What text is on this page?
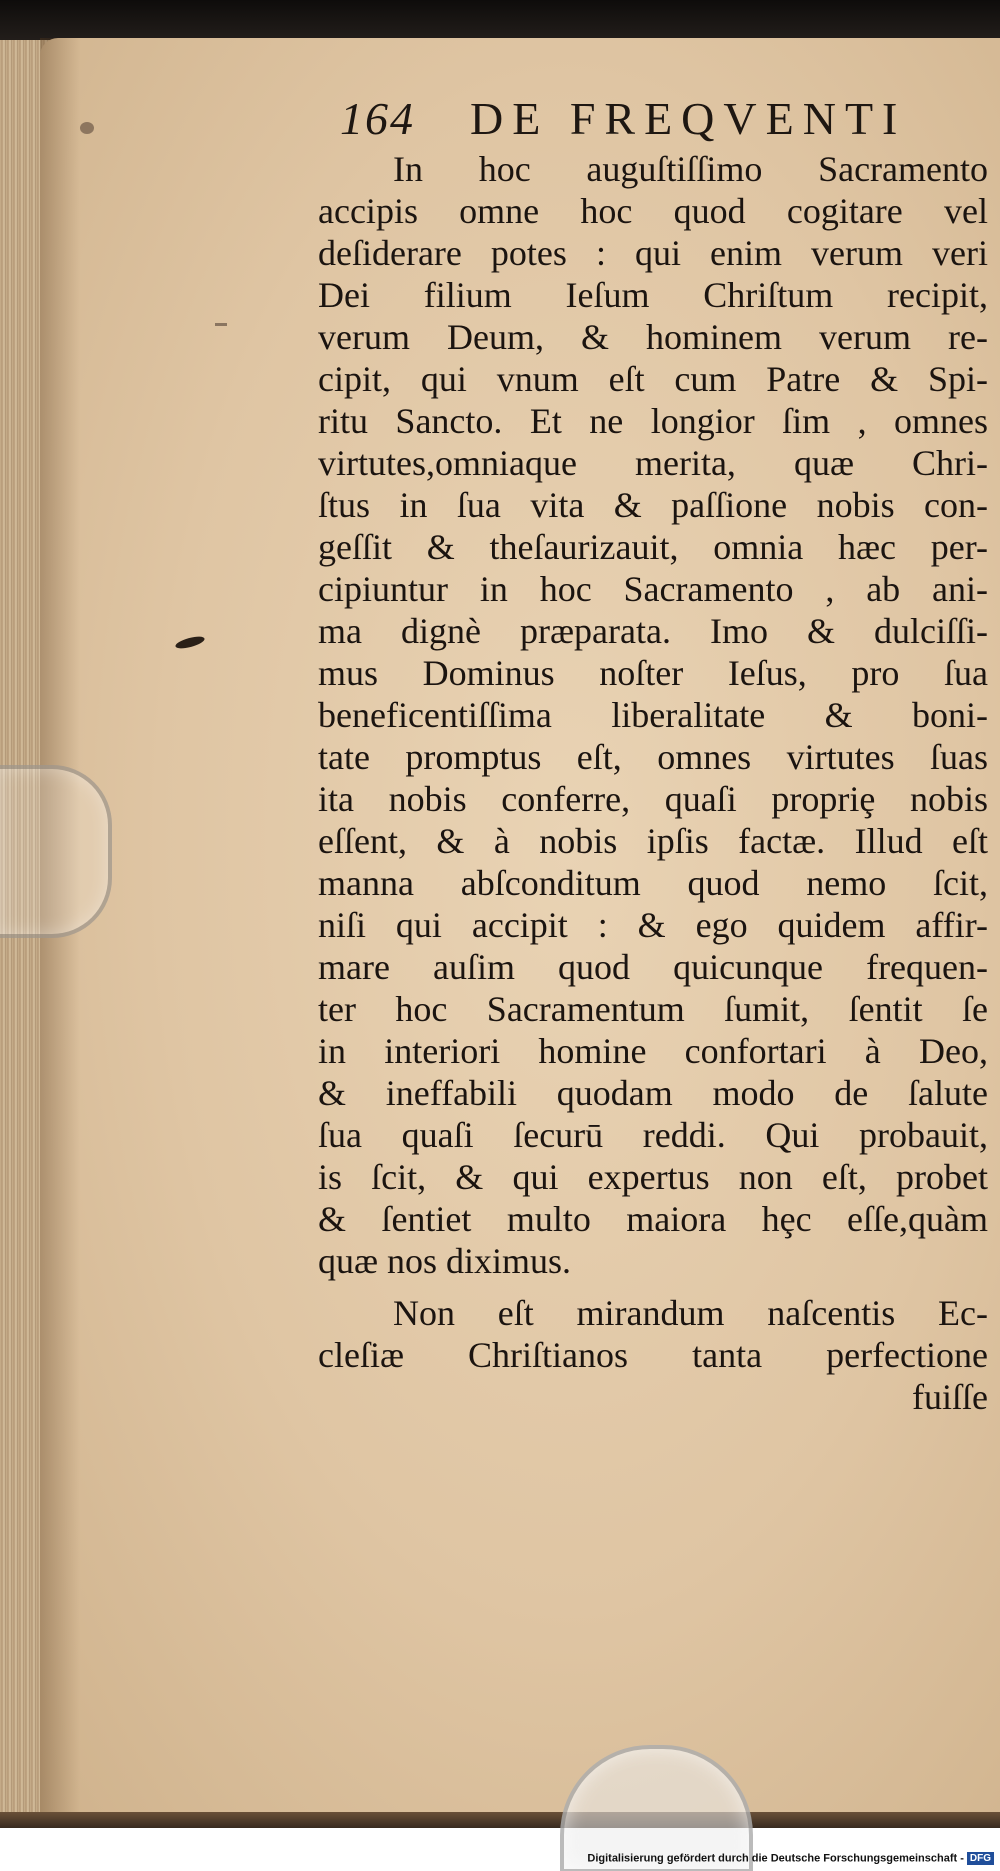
164 DE FREQVENTI
In hoc auguſtiſſimo Sacramento
accipis omne hoc quod cogitare vel
deſiderare potes : qui enim verum veri
Dei filium Ieſum Chriſtum recipit,
verum Deum, & hominem verum re-
cipit, qui vnum eſt cum Patre & Spi-
ritu Sancto. Et ne longior ſim , omnes
virtutes,omniaque merita, quæ Chri-
ſtus in ſua vita & paſſione nobis con-
geſſit & theſaurizauit, omnia hæc per-
cipiuntur in hoc Sacramento , ab ani-
ma dignè præparata. Imo & dulciſſi-
mus Dominus noſter Ieſus, pro ſua
beneficentiſſima liberalitate & boni-
tate promptus eſt, omnes virtutes ſuas
ita nobis conferre, quaſi propriȩ nobis
eſſent, & à nobis ipſis factæ. Illud eſt
manna abſconditum quod nemo ſcit,
niſi qui accipit : & ego quidem affir-
mare auſim quod quicunque frequen-
ter hoc Sacramentum ſumit, ſentit ſe
in interiori homine confortari à Deo,
& ineffabili quodam modo de ſalute
ſua quaſi ſecurū reddi. Qui probauit,
is ſcit, & qui expertus non eſt, probet
& ſentiet multo maiora hȩc eſſe,quàm
quæ nos diximus.
Non eſt mirandum naſcentis Ec-
cleſiæ Chriſtianos tanta perfectione
fuiſſe
Digitalisierung gefördert durch die Deutsche Forschungsgemeinschaft - DFG
